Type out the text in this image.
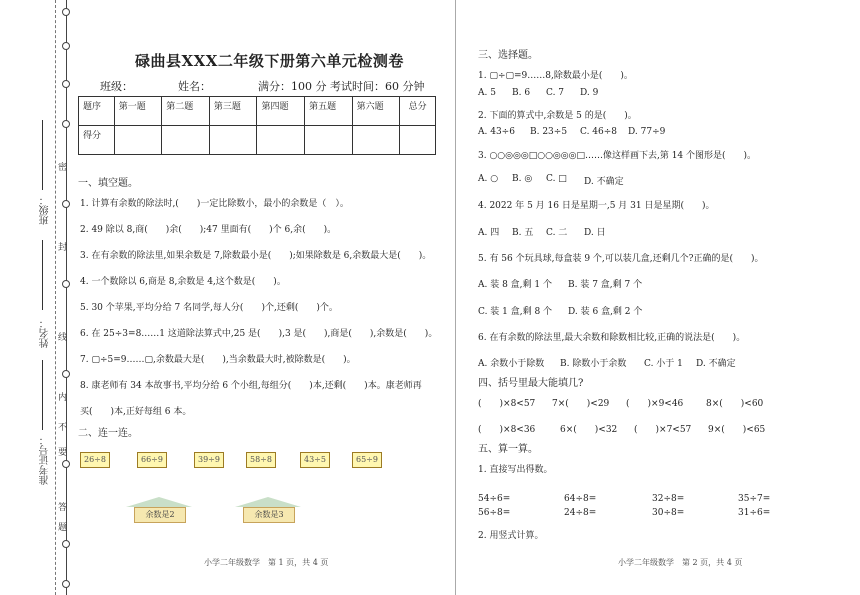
密
封
线
内
不
要
答
题
班级：
姓名：
准考证号：
碌曲县XXX二年级下册第六单元检测卷
班级：	姓名：	满分：100 分 考试时间：60 分钟
题序	第一题	第二题	第三题	第四题	第五题	第六题	总分
得分							
一、填空题。
1. 计算有余数的除法时,(　　)一定比除数小，最小的余数是（　）。
2. 49 除以 8,商(　　)余(　　);47 里面有(　　)个 6,余(　　)。
3. 在有余数的除法里,如果余数是 7,除数最小是(　　);如果除数是 6,余数最大是(　　)。
4. 一个数除以 6,商是 8,余数是 4,这个数是(　　)。
5. 30 个苹果,平均分给 7 名同学,每人分(　　)个,还剩(　　)个。
6. 在 25÷3=8……1 这道除法算式中,25 是(　　),3 是(　　),商是(　　),余数是(　　)。
7. ▢÷5=9……▢,余数最大是(　　),当余数最大时,被除数是(　　)。
8. 康老师有 34 本故事书,平均分给 6 个小组,每组分(　　)本,还剩(　　)本。康老师再
买(　　)本,正好每组 6 本。
二、连一连。
26÷8	66÷9	39÷9	58÷8	43÷5	65÷9
余数是2	余数是3
小学二年级数学　第 1 页，共 4 页
三、选择题。
1. ▢÷▢=9……8,除数最小是(　　)。
A. 5 B. 6 C. 7 D. 9
2. 下面的算式中,余数是 5 的是(　　)。
A. 43÷6 B. 23÷5 C. 46÷8 D. 77÷9
3. ○○◎◎◎□○○◎◎◎□……像这样画下去,第 14 个图形是(　　)。
A. ○ B. ◎ C. □ D. 不确定
4. 2022 年 5 月 16 日是星期一,5 月 31 日是星期(　　)。
A. 四 B. 五 C. 二 D. 日
5. 有 56 个玩具球,每盒装 9 个,可以装几盒,还剩几个?正确的是(　　)。
A. 装 8 盒,剩 1 个 B. 装 7 盒,剩 7 个
C. 装 1 盒,剩 8 个 D. 装 6 盒,剩 2 个
6. 在有余数的除法里,最大余数和除数相比较,正确的说法是(　　)。
A. 余数小于除数 B. 除数小于余数 C. 小于 1 D. 不确定
四、括号里最大能填几?
(　　)×8<57 7×(　　)<29 (　　)×9<46	8×(　　)<60
(　　)×8<36	6×(　　)<32 (　　)×7<57 9×(　　)<65
五、算一算。
1. 直接写出得数。
54÷6=	64÷8=	32÷8=	35÷7=
56÷8=	24÷8=	30÷8=	31÷6=
2. 用竖式计算。
小学二年级数学　第 2 页，共 4 页
